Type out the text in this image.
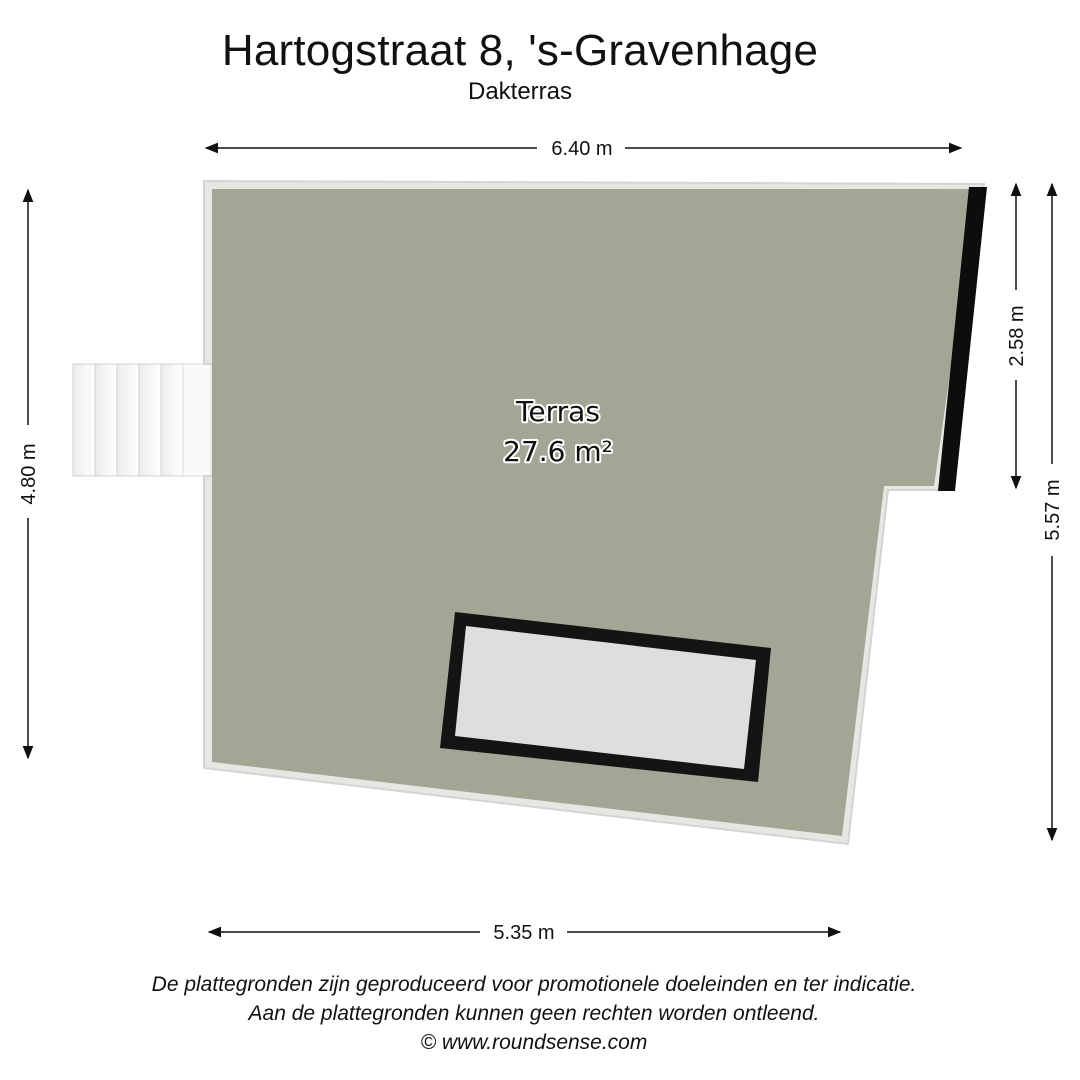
Hartogstraat 8, 's-Gravenhage
Dakterras
Terras
27.6 m²
6.40 m
5.35 m
4.80 m
2.58 m
5.57 m
De plattegronden zijn geproduceerd voor promotionele doeleinden en ter indicatie.
Aan de plattegronden kunnen geen rechten worden ontleend.
© www.roundsense.com
